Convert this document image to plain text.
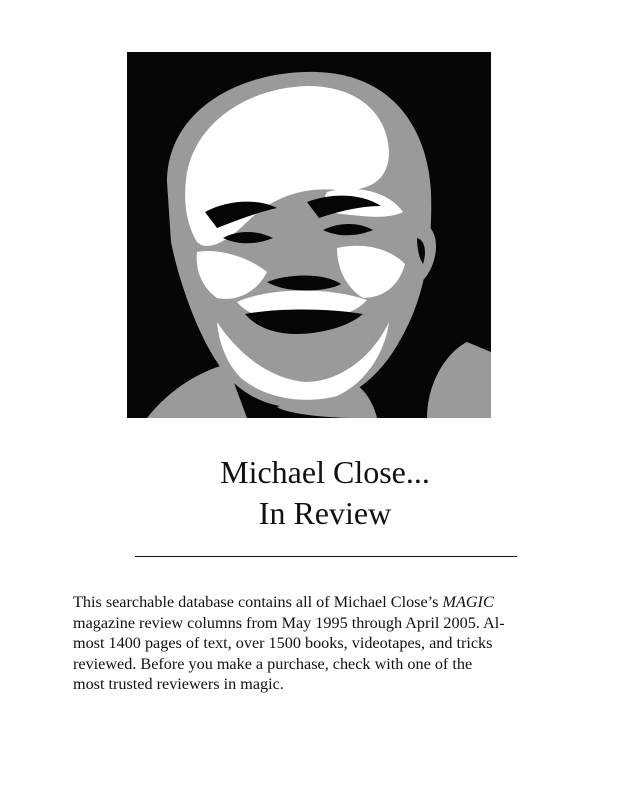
Michael Close...
In Review

This searchable database contains all of Michael Close’s MAGIC
magazine review columns from May 1995 through April 2005. Al-
most 1400 pages of text, over 1500 books, videotapes, and tricks
reviewed. Before you make a purchase, check with one of the
most trusted reviewers in magic.
